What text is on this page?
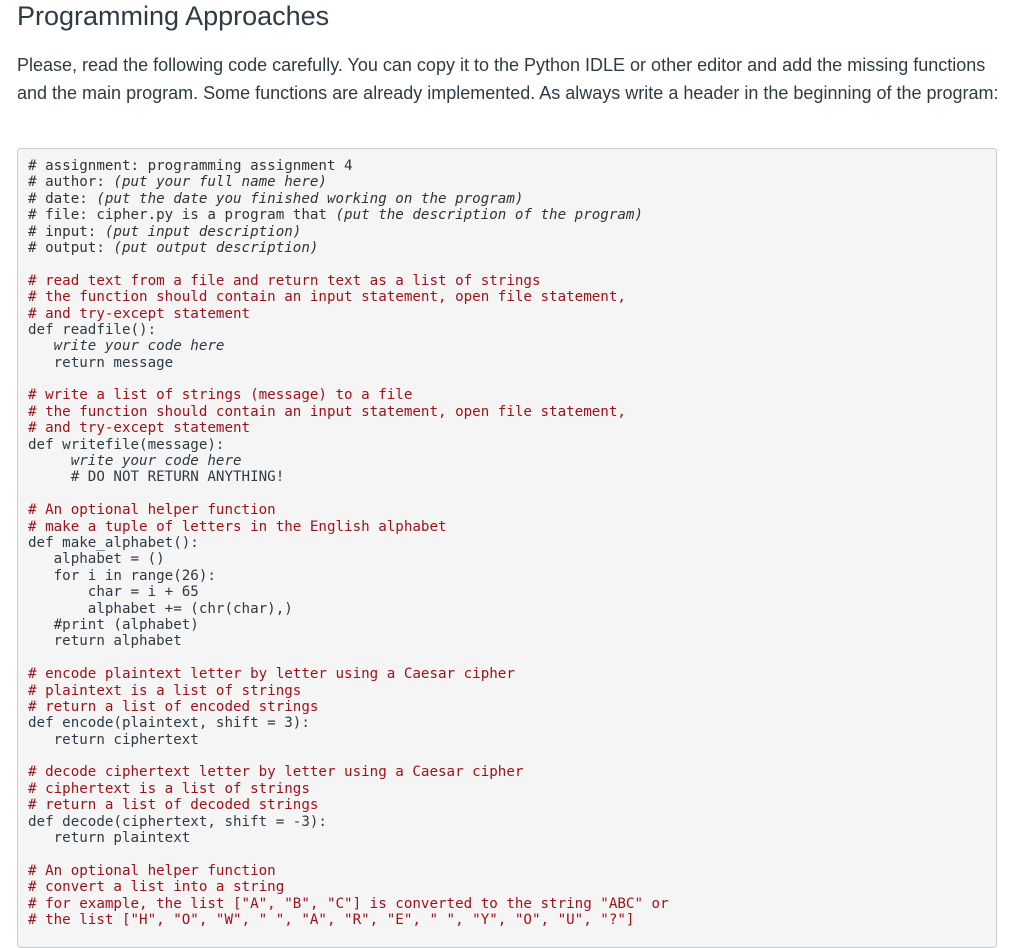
Programming Approaches

Please, read the following code carefully. You can copy it to the Python IDLE or other editor and add the missing functions and the main program. Some functions are already implemented. As always write a header in the beginning of the program:

# assignment: programming assignment 4
# author: (put your full name here)
# date: (put the date you finished working on the program)
# file: cipher.py is a program that (put the description of the program)
# input: (put input description)
# output: (put output description)

# read text from a file and return text as a list of strings
# the function should contain an input statement, open file statement,
# and try-except statement
def readfile():
write your code here
return message

# write a list of strings (message) to a file
# the function should contain an input statement, open file statement,
# and try-except statement
def writefile(message):
write your code here
# DO NOT RETURN ANYTHING!

# An optional helper function
# make a tuple of letters in the English alphabet
def make_alphabet():
alphabet = ()
for i in range(26):
char = i + 65
alphabet += (chr(char),)
#print (alphabet)
return alphabet

# encode plaintext letter by letter using a Caesar cipher
# plaintext is a list of strings
# return a list of encoded strings
def encode(plaintext, shift = 3):
return ciphertext

# decode ciphertext letter by letter using a Caesar cipher
# ciphertext is a list of strings
# return a list of decoded strings
def decode(ciphertext, shift = -3):
return plaintext

# An optional helper function
# convert a list into a string
# for example, the list ["A", "B", "C"] is converted to the string "ABC" or
# the list ["H", "O", "W", " ", "A", "R", "E", " ", "Y", "O", "U", "?"]
